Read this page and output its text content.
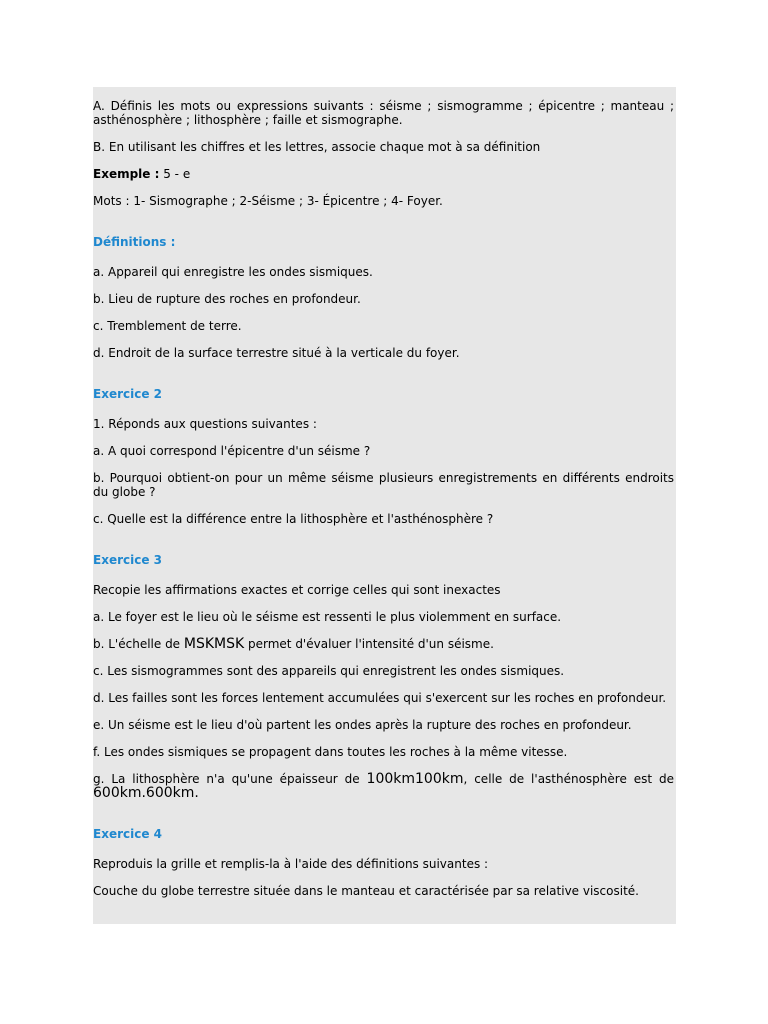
A. Définis les mots ou expressions suivants : séisme ; sismogramme ; épicentre ; manteau ; asthénosphère ; lithosphère ; faille et sismographe.

B. En utilisant les chiffres et les lettres, associe chaque mot à sa définition

Exemple : 5 - e

Mots : 1- Sismographe ; 2-Séisme ; 3- Épicentre ; 4- Foyer.

Définitions :

a. Appareil qui enregistre les ondes sismiques.

b. Lieu de rupture des roches en profondeur.

c. Tremblement de terre.

d. Endroit de la surface terrestre situé à la verticale du foyer.

Exercice 2

1. Réponds aux questions suivantes :

a. A quoi correspond l'épicentre d'un séisme ?

b. Pourquoi obtient-on pour un même séisme plusieurs enregistrements en différents endroits du globe ?

c. Quelle est la différence entre la lithosphère et l'asthénosphère ?

Exercice 3

Recopie les affirmations exactes et corrige celles qui sont inexactes

a. Le foyer est le lieu où le séisme est ressenti le plus violemment en surface.

b. L'échelle de MSKMSK permet d'évaluer l'intensité d'un séisme.

c. Les sismogrammes sont des appareils qui enregistrent les ondes sismiques.

d. Les failles sont les forces lentement accumulées qui s'exercent sur les roches en profondeur.

e. Un séisme est le lieu d'où partent les ondes après la rupture des roches en profondeur.

f. Les ondes sismiques se propagent dans toutes les roches à la même vitesse.

g. La lithosphère n'a qu'une épaisseur de 100km100km, celle de l'asthénosphère est de 600km.600km.

Exercice 4

Reproduis la grille et remplis-la à l'aide des définitions suivantes :

Couche du globe terrestre située dans le manteau et caractérisée par sa relative viscosité.
